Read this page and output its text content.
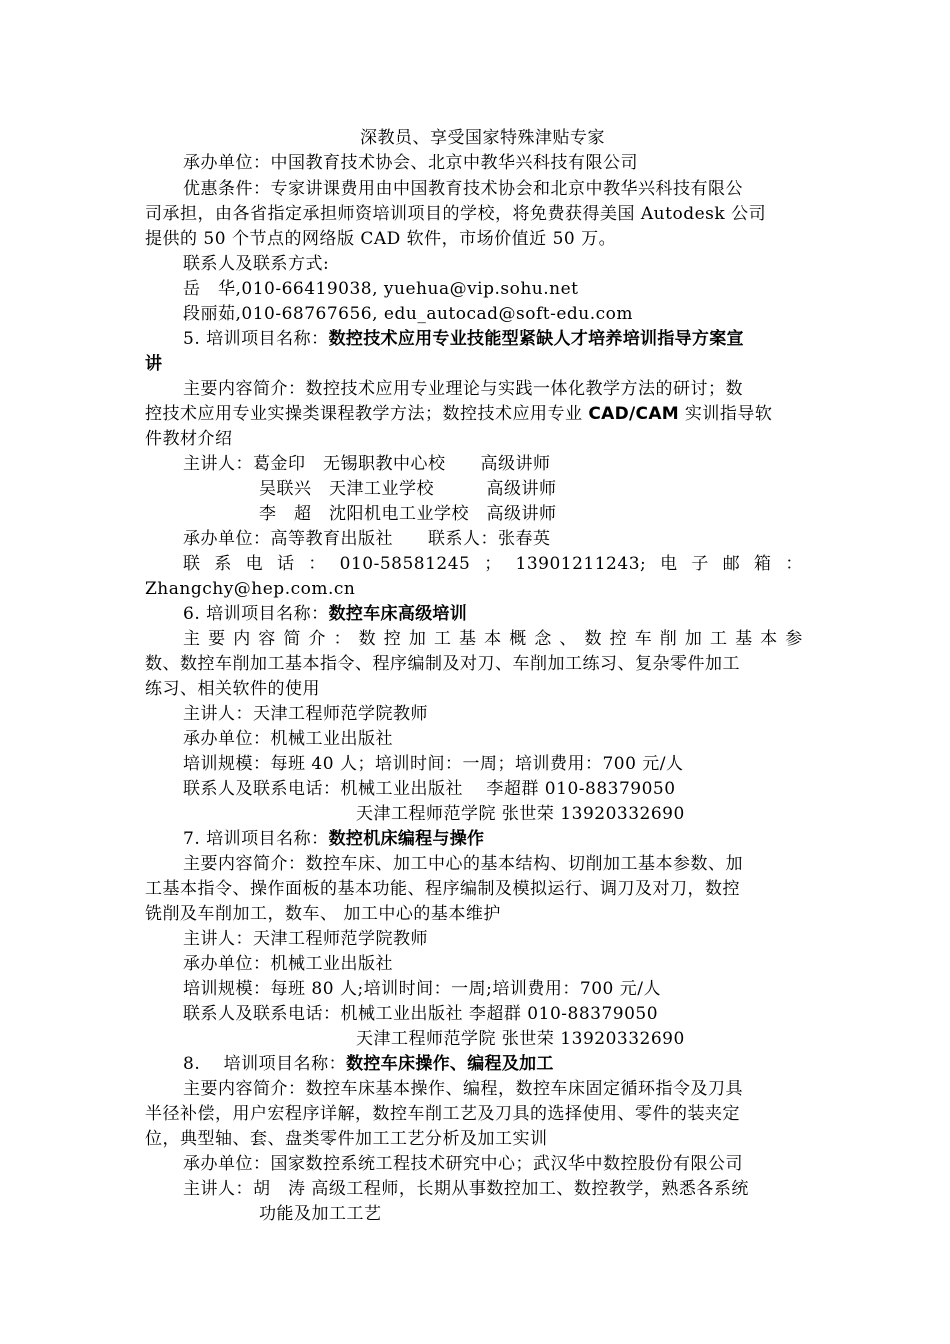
深教员、享受国家特殊津贴专家
承办单位：中国教育技术协会、北京中教华兴科技有限公司
优惠条件：专家讲课费用由中国教育技术协会和北京中教华兴科技有限公
司承担，由各省指定承担师资培训项目的学校，将免费获得美国 Autodesk 公司
提供的 50 个节点的网络版 CAD 软件，市场价值近 50 万。
联系人及联系方式:
岳　华,010-66419038, yuehua@vip.sohu.net
段丽茹,010-68767656, edu_autocad@soft-edu.com
5. 培训项目名称：数控技术应用专业技能型紧缺人才培养培训指导方案宣
讲
主要内容简介：数控技术应用专业理论与实践一体化教学方法的研讨；数
控技术应用专业实操类课程教学方法；数控技术应用专业 CAD/CAM 实训指导软
件教材介绍
主讲人：葛金印　无锡职教中心校　　高级讲师
吴联兴　天津工业学校　　　高级讲师
李　超　沈阳机电工业学校　高级讲师
承办单位：高等教育出版社　　联系人：张春英
联 系 电 话 ： 010-58581245 ； 13901211243; 电 子 邮 箱 ：
Zhangchy@hep.com.cn
6. 培训项目名称：数控车床高级培训
主 要 内 容 简 介 ： 数 控 加 工 基 本 概 念 、 数 控 车 削 加 工 基 本 参
数、数控车削加工基本指令、程序编制及对刀、车削加工练习、复杂零件加工
练习、相关软件的使用
主讲人：天津工程师范学院教师
承办单位：机械工业出版社
培训规模：每班 40 人；培训时间：一周；培训费用：700 元/人
联系人及联系电话：机械工业出版社　 李超群 010-88379050
天津工程师范学院 张世荣 13920332690
7. 培训项目名称：数控机床编程与操作
主要内容简介：数控车床、加工中心的基本结构、切削加工基本参数、加
工基本指令、操作面板的基本功能、程序编制及模拟运行、调刀及对刀，数控
铣削及车削加工，数车、 加工中心的基本维护
主讲人：天津工程师范学院教师
承办单位：机械工业出版社
培训规模：每班 80 人;培训时间：一周;培训费用：700 元/人
联系人及联系电话：机械工业出版社 李超群 010-88379050
天津工程师范学院 张世荣 13920332690
8.　 培训项目名称：数控车床操作、编程及加工
主要内容简介：数控车床基本操作、编程，数控车床固定循环指令及刀具
半径补偿，用户宏程序详解，数控车削工艺及刀具的选择使用、零件的装夹定
位，典型轴、套、盘类零件加工工艺分析及加工实训
承办单位：国家数控系统工程技术研究中心；武汉华中数控股份有限公司
主讲人：胡　涛 高级工程师，长期从事数控加工、数控教学，熟悉各系统
功能及加工工艺
